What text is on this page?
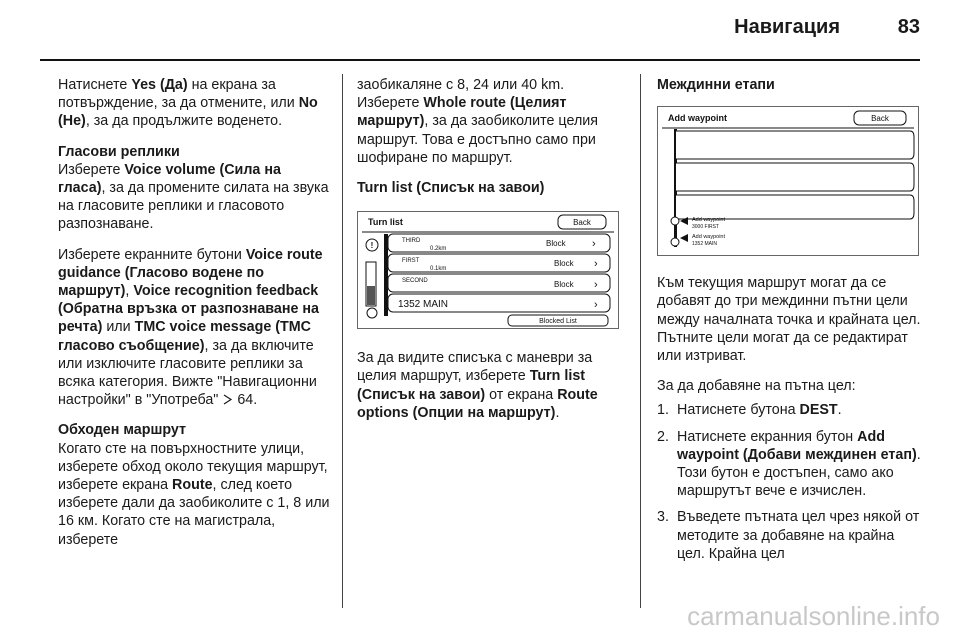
Навигация	83

Натиснете Yes (Да) на екрана за потвърждение, за да отмените, или No (Не), за да продължите воденето.

Гласови реплики

Изберете Voice volume (Сила на гласа), за да промените силата на звука на гласовите реплики и гласовото разпознаване.

Изберете екранните бутони Voice route guidance (Гласово водене по маршрут), Voice recognition feedback (Обратна връзка от разпознаване на речта) или TMC voice message (TMC гласово съобщение), за да включите или изключите гласовите реплики за всяка категория. Вижте "Навигационни настройки" в "Употреба"  64.

Обходен маршрут

Когато сте на повърхностните улици, изберете обход около текущия маршрут, изберете екрана Route, след което изберете дали да заобиколите с 1, 8 или 16 км. Когато сте на магистрала, изберете

заобикаляне с 8, 24 или 40 km. Изберете Whole route (Целият маршрут), за да заобиколите целия маршрут. Това е достъпно само при шофиране по маршрут.

Turn list (Списък на завои)

Turn list	Back
!	THIRD
0.2km
Block ›
FIRST
0.1km
Block ›
SECOND	Block ›
1352 MAIN	›
Blocked List

За да видите списъка с маневри за целия маршрут, изберете Turn list (Списък на завои) от екрана Route options (Опции на маршрут).

Междинни етапи

Add waypoint	Back
Add waypoint
3000 FIRST
Add waypoint
1352 MAIN

Към текущия маршрут могат да се добавят до три междинни пътни цели между началната точка и крайната цел. Пътните цели могат да се редактират или изтриват.

За да добавяне на пътна цел:

1. Натиснете бутона DEST.
2. Натиснете екранния бутон Add waypoint (Добави междинен етап). Този бутон е достъпен, само ако маршрутът вече е изчислен.
3. Въведете пътната цел чрез някой от методите за добавяне на крайна цел. Крайна цел
carmanualsonline.info
